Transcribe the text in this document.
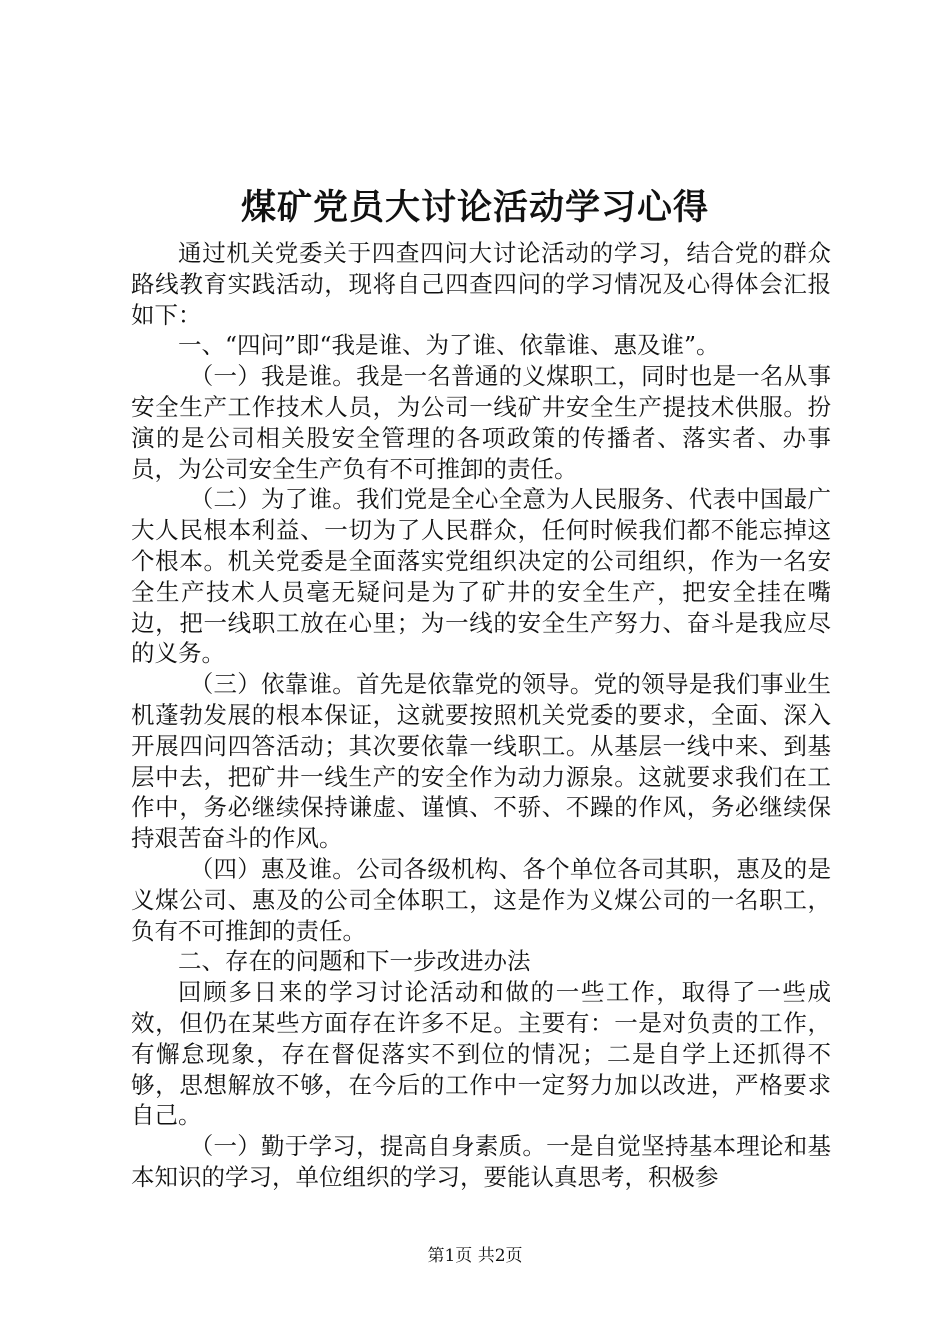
煤矿党员大讨论活动学习心得

通过机关党委关于四查四问大讨论活动的学习，结合党的群众路线教育实践活动，现将自己四查四问的学习情况及心得体会汇报如下：

一、“四问”即“我是谁、为了谁、依靠谁、惠及谁”。

（一）我是谁。我是一名普通的义煤职工，同时也是一名从事安全生产工作技术人员，为公司一线矿井安全生产提技术供服。扮演的是公司相关股安全管理的各项政策的传播者、落实者、办事员，为公司安全生产负有不可推卸的责任。

（二）为了谁。我们党是全心全意为人民服务、代表中国最广大人民根本利益、一切为了人民群众，任何时候我们都不能忘掉这个根本。机关党委是全面落实党组织决定的公司组织，作为一名安全生产技术人员毫无疑问是为了矿井的安全生产，把安全挂在嘴边，把一线职工放在心里；为一线的安全生产努力、奋斗是我应尽的义务。

（三）依靠谁。首先是依靠党的领导。党的领导是我们事业生机蓬勃发展的根本保证，这就要按照机关党委的要求，全面、深入开展四问四答活动；其次要依靠一线职工。从基层一线中来、到基层中去，把矿井一线生产的安全作为动力源泉。这就要求我们在工作中，务必继续保持谦虚、谨慎、不骄、不躁的作风，务必继续保持艰苦奋斗的作风。

（四）惠及谁。公司各级机构、各个单位各司其职，惠及的是义煤公司、惠及的公司全体职工，这是作为义煤公司的一名职工，负有不可推卸的责任。

二、存在的问题和下一步改进办法

回顾多日来的学习讨论活动和做的一些工作，取得了一些成效，但仍在某些方面存在许多不足。主要有：一是对负责的工作，有懈怠现象，存在督促落实不到位的情况；二是自学上还抓得不够，思想解放不够，在今后的工作中一定努力加以改进，严格要求自己。

（一）勤于学习，提高自身素质。一是自觉坚持基本理论和基本知识的学习，单位组织的学习，要能认真思考，积极参

第1页 共2页
